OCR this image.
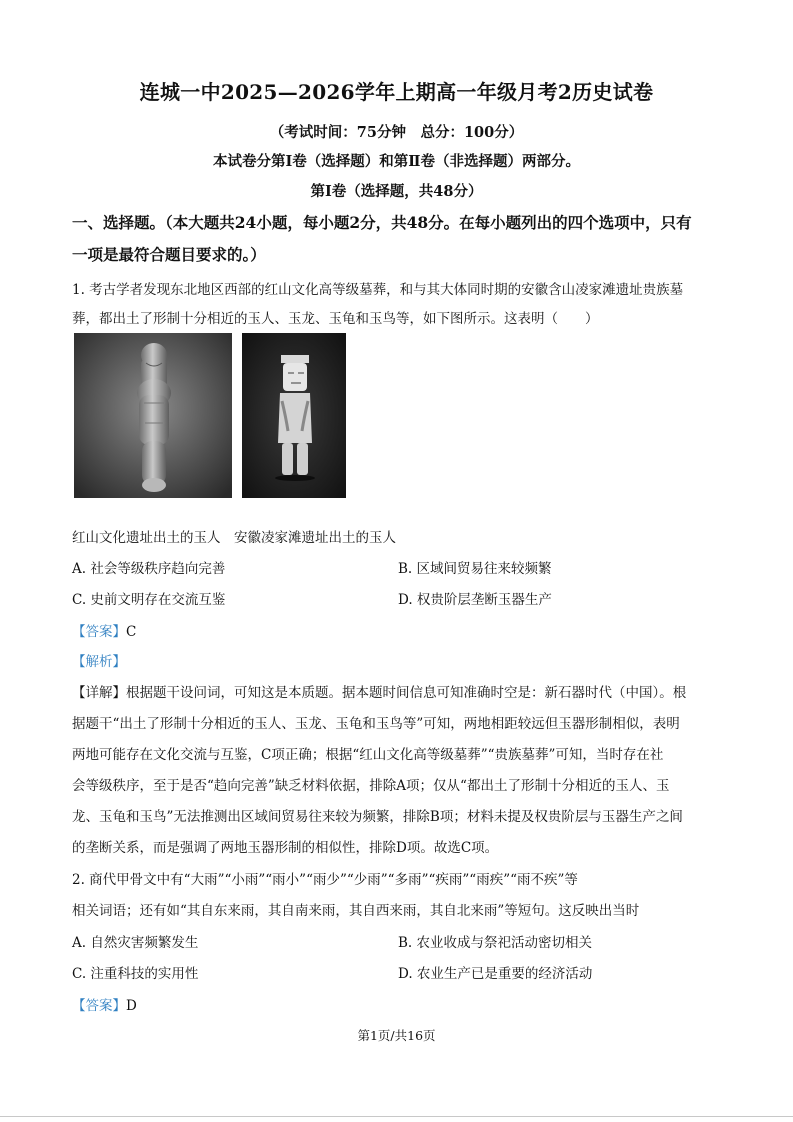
连城一中2025—2026学年上期高一年级月考2历史试卷
（考试时间：75分钟　总分：100分）
本试卷分第Ⅰ卷（选择题）和第Ⅱ卷（非选择题）两部分。
第Ⅰ卷（选择题，共48分）
一、选择题。（本大题共24小题，每小题2分，共48分。在每小题列出的四个选项中，只有
一项是最符合题目要求的。）
1. 考古学者发现东北地区西部的红山文化高等级墓葬，和与其大体同时期的安徽含山凌家滩遗址贵族墓
葬，都出土了形制十分相近的玉人、玉龙、玉龟和玉鸟等，如下图所示。这表明（　　）
红山文化遗址出土的玉人　安徽凌家滩遗址出土的玉人
A. 社会等级秩序趋向完善	B. 区域间贸易往来较频繁
C. 史前文明存在交流互鉴	D. 权贵阶层垄断玉器生产
【答案】C
【解析】
【详解】根据题干设问词，可知这是本质题。据本题时间信息可知准确时空是：新石器时代（中国）。根
据题干“出土了形制十分相近的玉人、玉龙、玉龟和玉鸟等”可知，两地相距较远但玉器形制相似，表明
两地可能存在文化交流与互鉴，C项正确；根据“红山文化高等级墓葬”“贵族墓葬”可知，当时存在社
会等级秩序，至于是否“趋向完善”缺乏材料依据，排除A项；仅从“都出土了形制十分相近的玉人、玉
龙、玉龟和玉鸟”无法推测出区域间贸易往来较为频繁，排除B项；材料未提及权贵阶层与玉器生产之间
的垄断关系，而是强调了两地玉器形制的相似性，排除D项。故选C项。
2. 商代甲骨文中有“大雨”“小雨”“雨小”“雨少”“少雨”“多雨”“疾雨”“雨疾”“雨不疾”等
相关词语；还有如“其自东来雨，其自南来雨，其自西来雨，其自北来雨”等短句。这反映出当时
A. 自然灾害频繁发生	B. 农业收成与祭祀活动密切相关
C. 注重科技的实用性	D. 农业生产已是重要的经济活动
【答案】D
第1页/共16页
